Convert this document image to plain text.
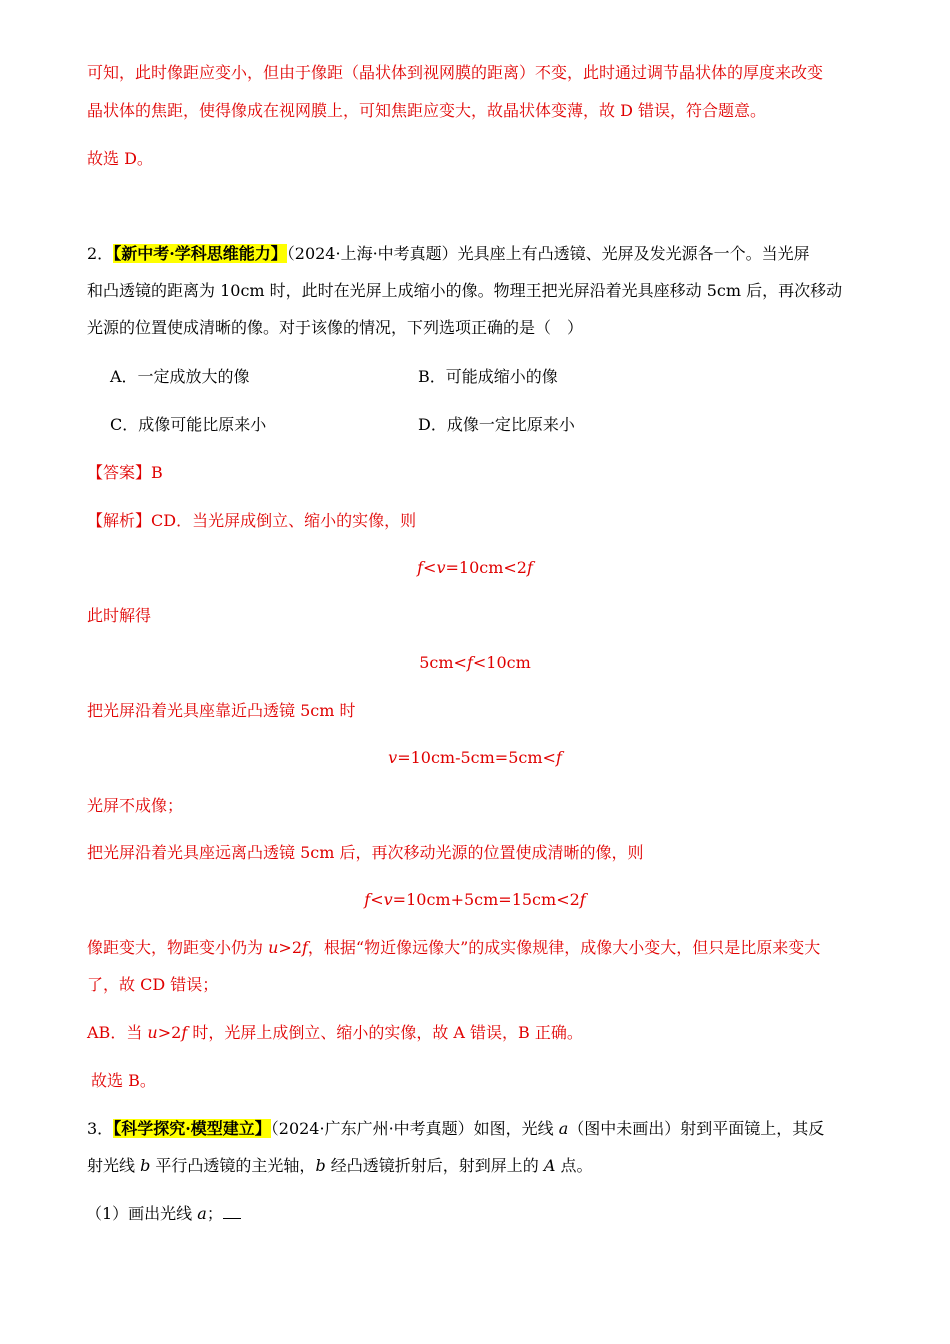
可知，此时像距应变小，但由于像距（晶状体到视网膜的距离）不变，此时通过调节晶状体的厚度来改变
晶状体的焦距，使得像成在视网膜上，可知焦距应变大，故晶状体变薄，故 D 错误，符合题意。
故选 D。
2．【新中考·学科思维能力】（2024·上海·中考真题）光具座上有凸透镜、光屏及发光源各一个。当光屏
和凸透镜的距离为 10cm 时，此时在光屏上成缩小的像。物理王把光屏沿着光具座移动 5cm 后，再次移动
光源的位置使成清晰的像。对于该像的情况，下列选项正确的是（　）
A．一定成放大的像	B．可能成缩小的像
C．成像可能比原来小	D．成像一定比原来小
【答案】B
【解析】CD．当光屏成倒立、缩小的实像，则
f<v=10cm<2f
此时解得
5cm<f<10cm
把光屏沿着光具座靠近凸透镜 5cm 时
v=10cm-5cm=5cm<f
光屏不成像；
把光屏沿着光具座远离凸透镜 5cm 后，再次移动光源的位置使成清晰的像，则
f<v=10cm+5cm=15cm<2f
像距变大，物距变小仍为 u>2f，根据“物近像远像大”的成实像规律，成像大小变大，但只是比原来变大
了，故 CD 错误；
AB．当 u>2f 时，光屏上成倒立、缩小的实像，故 A 错误，B 正确。
故选 B。
3．【科学探究·模型建立】（2024·广东广州·中考真题）如图，光线 a（图中未画出）射到平面镜上，其反
射光线 b 平行凸透镜的主光轴，b 经凸透镜折射后，射到屏上的 A 点。
（1）画出光线 a；
